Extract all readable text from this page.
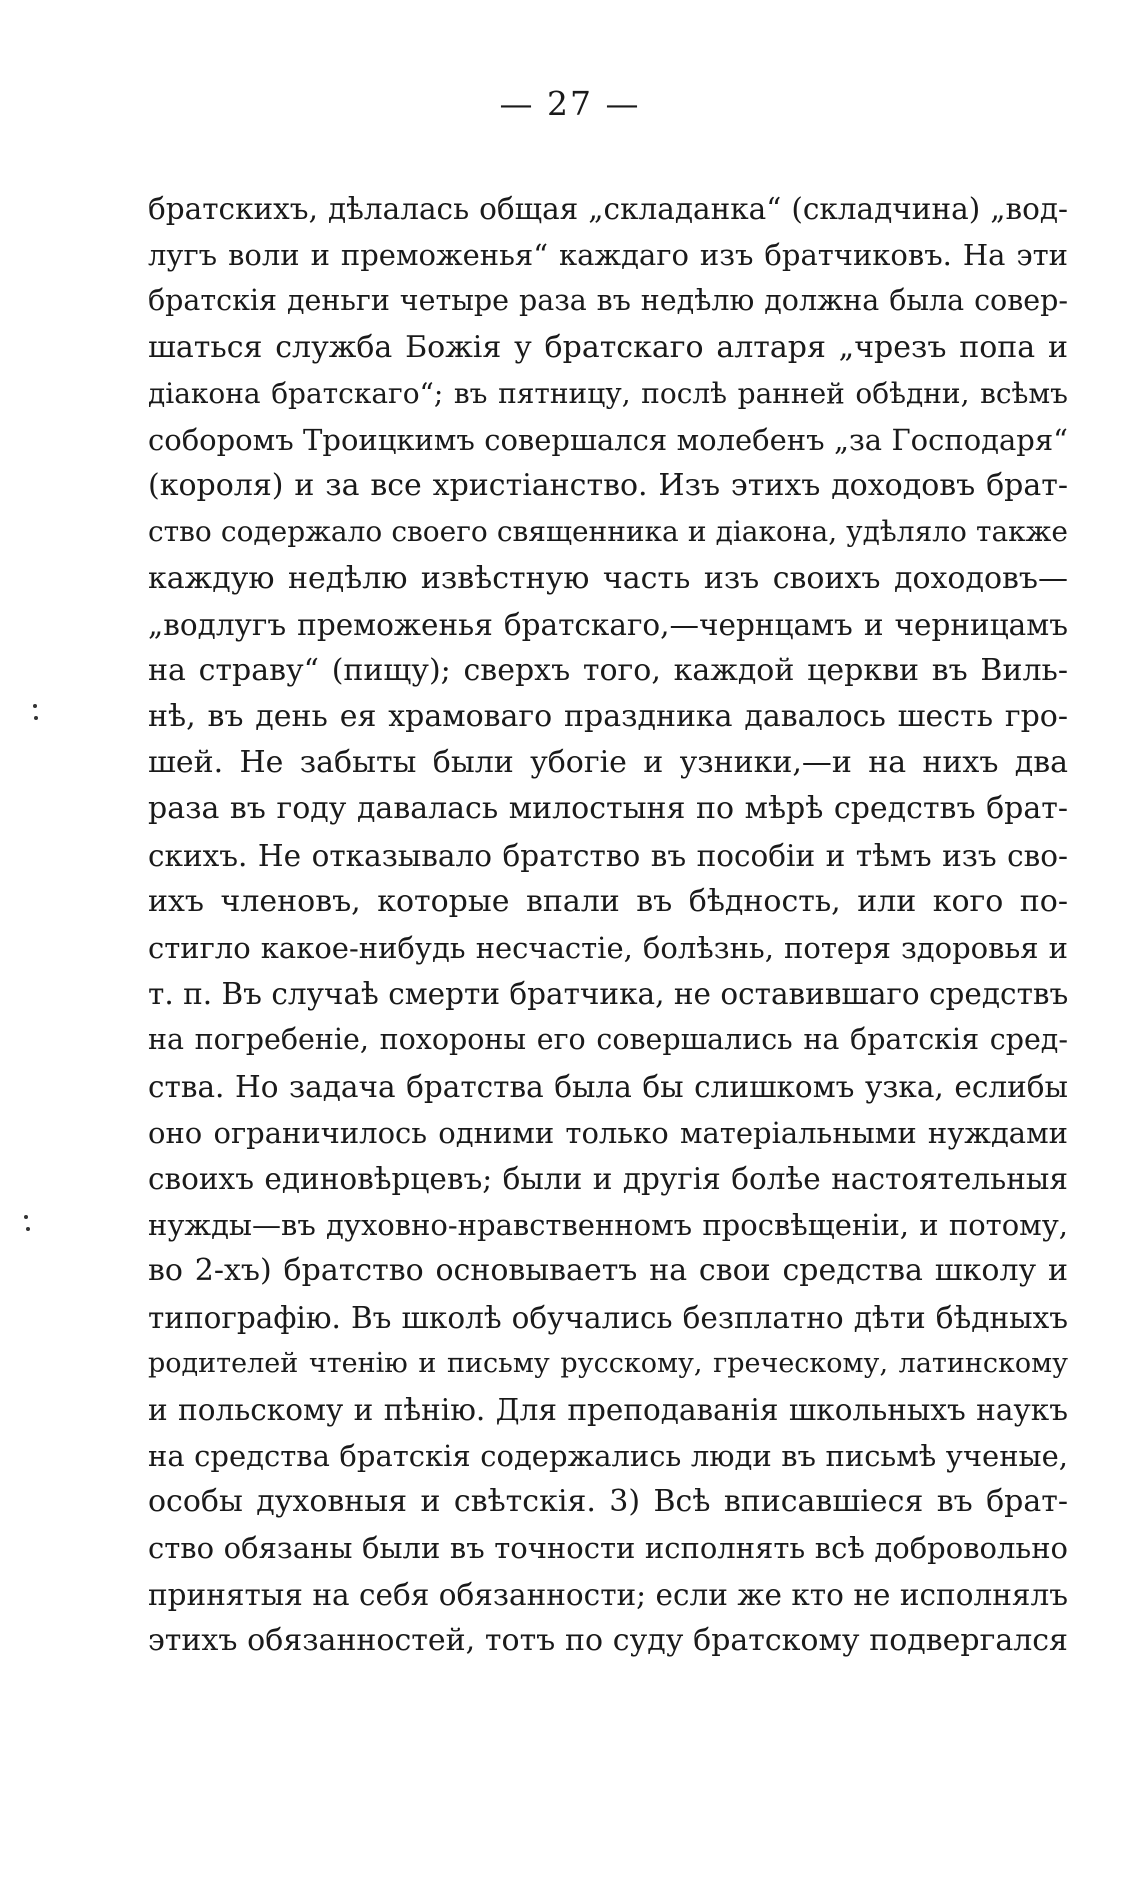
— 27 —
братскихъ, дѣлалась общая „складанка“ (складчина) „вод-
лугъ воли и преможенья“ каждаго изъ братчиковъ. На эти
братскія деньги четыре раза въ недѣлю должна была совер-
шаться служба Божія у братскаго алтаря „чрезъ попа и
діакона братскаго“; въ пятницу, послѣ ранней обѣдни, всѣмъ
соборомъ Троицкимъ совершался молебенъ „за Господаря“
(короля) и за все христіанство. Изъ этихъ доходовъ брат-
ство содержало своего священника и діакона, удѣляло также
каждую недѣлю извѣстную часть изъ своихъ доходовъ—
„водлугъ преможенья братскаго,—чернцамъ и черницамъ
на страву“ (пищу); сверхъ того, каждой церкви въ Виль-
нѣ, въ день ея храмоваго праздника давалось шесть гро-
шей. Не забыты были убогіе и узники,—и на нихъ два
раза въ году давалась милостыня по мѣрѣ средствъ брат-
скихъ. Не отказывало братство въ пособіи и тѣмъ изъ сво-
ихъ членовъ, которые впали въ бѣдность, или кого по-
стигло какое-нибудь несчастіе, болѣзнь, потеря здоровья и
т. п. Въ случаѣ смерти братчика, не оставившаго средствъ
на погребеніе, похороны его совершались на братскія сред-
ства. Но задача братства была бы слишкомъ узка, еслибы
оно ограничилось одними только матеріальными нуждами
своихъ единовѣрцевъ; были и другія болѣе настоятельныя
нужды—въ духовно-нравственномъ просвѣщеніи, и потому,
во 2-хъ) братство основываетъ на свои средства школу и
типографію. Въ школѣ обучались безплатно дѣти бѣдныхъ
родителей чтенію и письму русскому, греческому, латинскому
и польскому и пѣнію. Для преподаванія школьныхъ наукъ
на средства братскія содержались люди въ письмѣ ученые,
особы духовныя и свѣтскія. 3) Всѣ вписавшіеся въ брат-
ство обязаны были въ точности исполнять всѣ добровольно
принятыя на себя обязанности; если же кто не исполнялъ
этихъ обязанностей, тотъ по суду братскому подвергался
